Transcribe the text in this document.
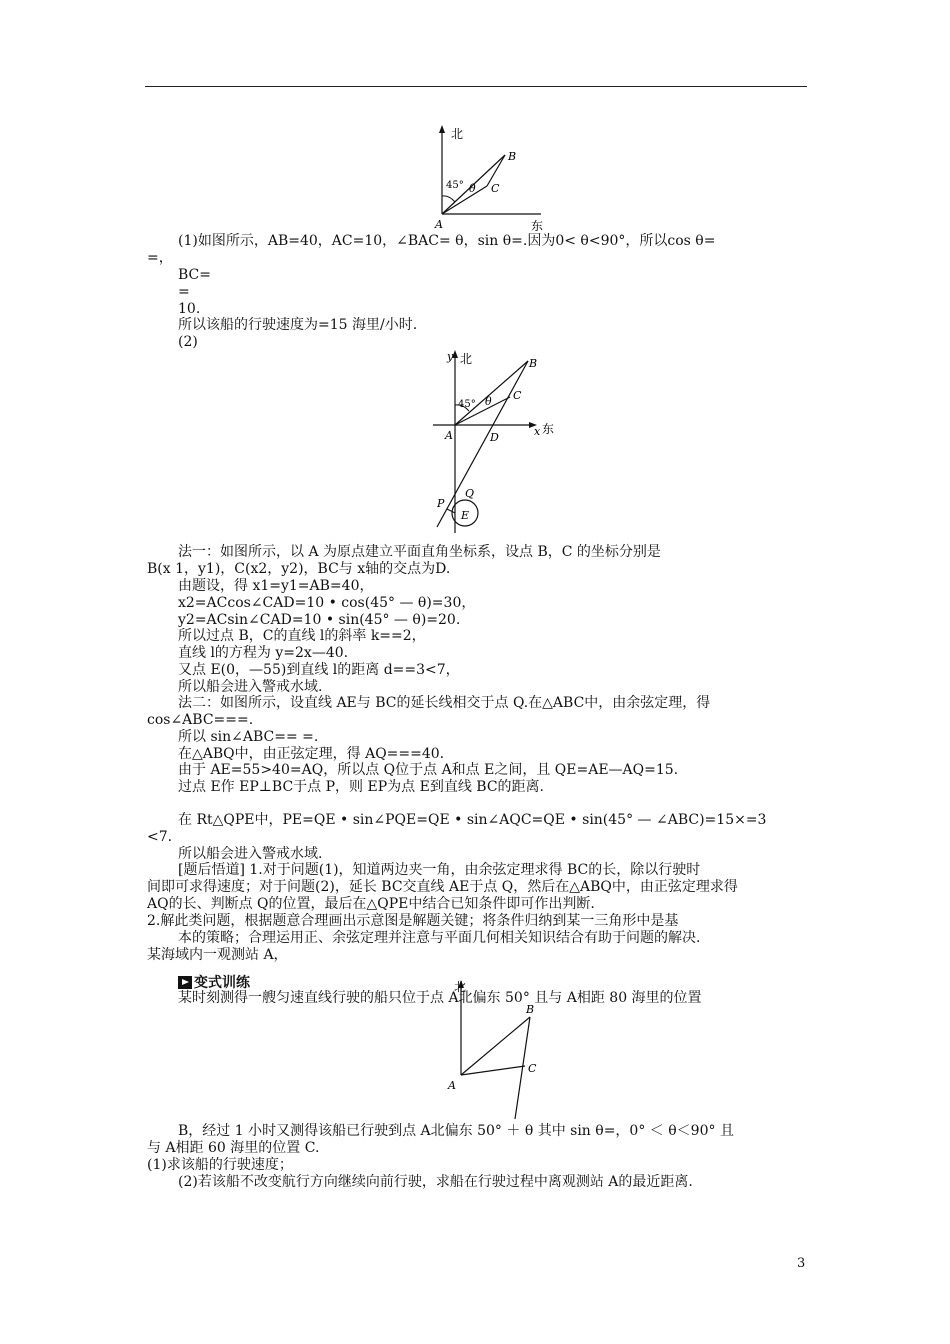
北
东
A
B
C
45° θ
y 北
x 东
A
B
C
D
45° θ
P
Q
E
北
A
B
C
(1)如图所示，AB=40，AC=10，∠BAC= θ，sin θ=.因为0< θ<90°，所以cos θ=
=，
BC=
=
10.
所以该船的行驶速度为=15 海里/小时.
(2)
法一：如图所示，以 A 为原点建立平面直角坐标系，设点 B，C 的坐标分别是
B(x 1，y1)，C(x2，y2)，BC与 x轴的交点为D.
由题设，得 x1=y1=AB=40，
x2=ACcos∠CAD=10 • cos(45° — θ)=30，
y2=ACsin∠CAD=10 • sin(45° — θ)=20.
所以过点 B，C的直线 l的斜率 k==2，
直线 l的方程为 y=2x—40.
又点 E(0，—55)到直线 l的距离 d==3<7，
所以船会进入警戒水域.
法二：如图所示，设直线 AE与 BC的延长线相交于点 Q.在△ABC中，由余弦定理，得
cos∠ABC===.
所以 sin∠ABC== =.
在△ABQ中，由正弦定理，得 AQ===40.
由于 AE=55>40=AQ，所以点 Q位于点 A和点 E之间，且 QE=AE—AQ=15.
过点 E作 EP⊥BC于点 P，则 EP为点 E到直线 BC的距离.
在 Rt△QPE中，PE=QE • sin∠PQE=QE • sin∠AQC=QE • sin(45° — ∠ABC)=15×=3
<7.
所以船会进入警戒水域.
[题后悟道] 1.对于问题(1)，知道两边夹一角，由余弦定理求得 BC的长，除以行驶时
间即可求得速度；对于问题(2)，延长 BC交直线 AE于点 Q，然后在△ABQ中，由正弦定理求得
AQ的长、判断点 Q的位置，最后在△QPE中结合已知条件即可作出判断.
2.解此类问题，根据题意合理画出示意图是解题关键；将条件归纳到某一三角形中是基
本的策略；合理运用正、余弦定理并注意与平面几何相关知识结合有助于问题的解决.
某海域内一观测站 A，
变式训练
某时刻测得一艘匀速直线行驶的船只位于点 A北偏东 50° 且与 A相距 80 海里的位置
B，经过 1 小时又测得该船已行驶到点 A北偏东 50° ＋ θ 其中 sin θ=，0° ＜ θ＜90° 且
与 A相距 60 海里的位置 C.
(1)求该船的行驶速度；
(2)若该船不改变航行方向继续向前行驶，求船在行驶过程中离观测站 A的最近距离.
3
